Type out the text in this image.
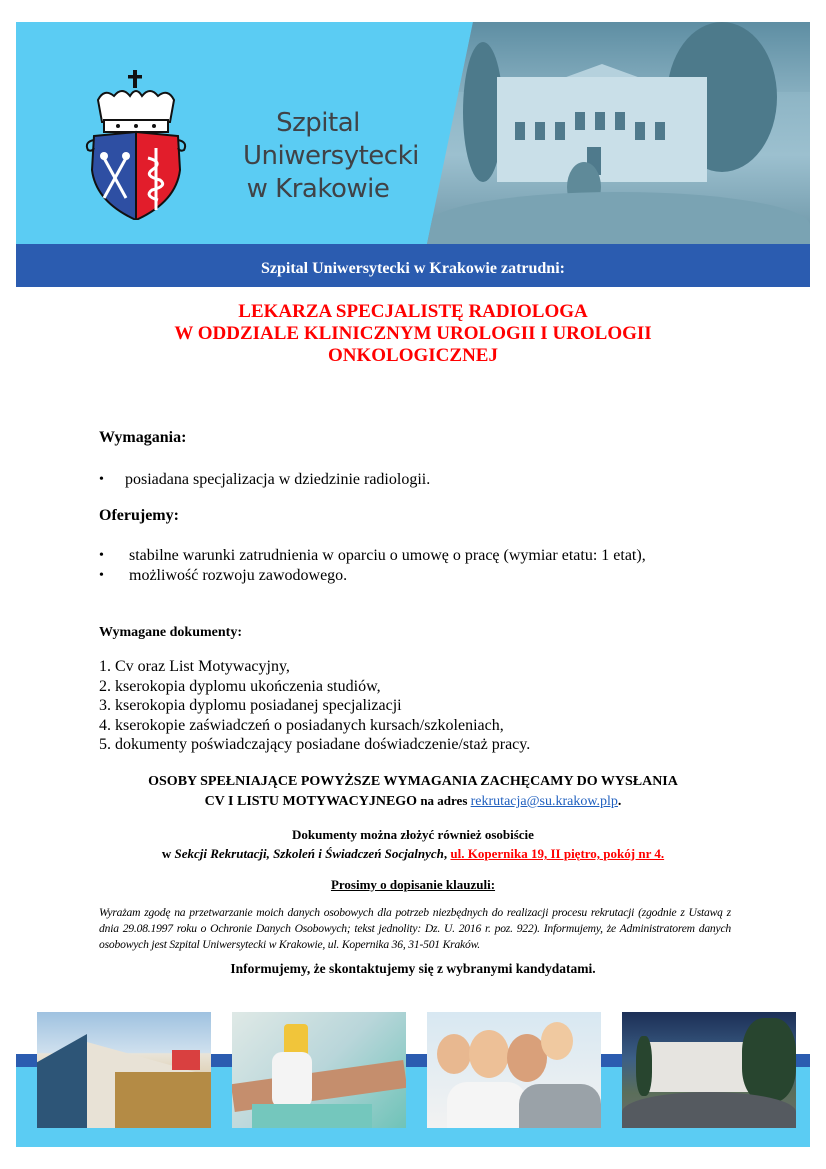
Szpital
Uniwersytecki
w Krakowie
Szpital Uniwersytecki w Krakowie zatrudni:
LEKARZA SPECJALISTĘ RADIOLOGA
W ODDZIALE KLINICZNYM UROLOGII I UROLOGII
ONKOLOGICZNEJ
Wymagania:
•	posiadana specjalizacja w dziedzinie radiologii.
Oferujemy:
•	stabilne warunki zatrudnienia w oparciu o umowę o pracę (wymiar etatu: 1 etat),
•	możliwość rozwoju zawodowego.
Wymagane dokumenty:
1. Cv oraz List Motywacyjny,
2. kserokopia dyplomu ukończenia studiów,
3. kserokopia dyplomu posiadanej specjalizacji
4. kserokopie zaświadczeń o posiadanych kursach/szkoleniach,
5. dokumenty poświadczający posiadane doświadczenie/staż pracy.
OSOBY SPEŁNIAJĄCE POWYŻSZE WYMAGANIA ZACHĘCAMY DO WYSŁANIA
CV I LISTU MOTYWACYJNEGO na adres rekrutacja@su.krakow.plp.
Dokumenty można złożyć również osobiście
w Sekcji Rekrutacji, Szkoleń i Świadczeń Socjalnych, ul. Kopernika 19, II piętro, pokój nr 4.
Prosimy o dopisanie klauzuli:
Wyrażam zgodę na przetwarzanie moich danych osobowych dla potrzeb niezbędnych do realizacji procesu rekrutacji (zgodnie z Ustawą z dnia 29.08.1997 roku o Ochronie Danych Osobowych; tekst jednolity: Dz. U. 2016 r. poz. 922). Informujemy, że Administratorem danych osobowych jest Szpital Uniwersytecki w Krakowie, ul. Kopernika 36, 31-501 Kraków.
Informujemy, że skontaktujemy się z wybranymi kandydatami.
